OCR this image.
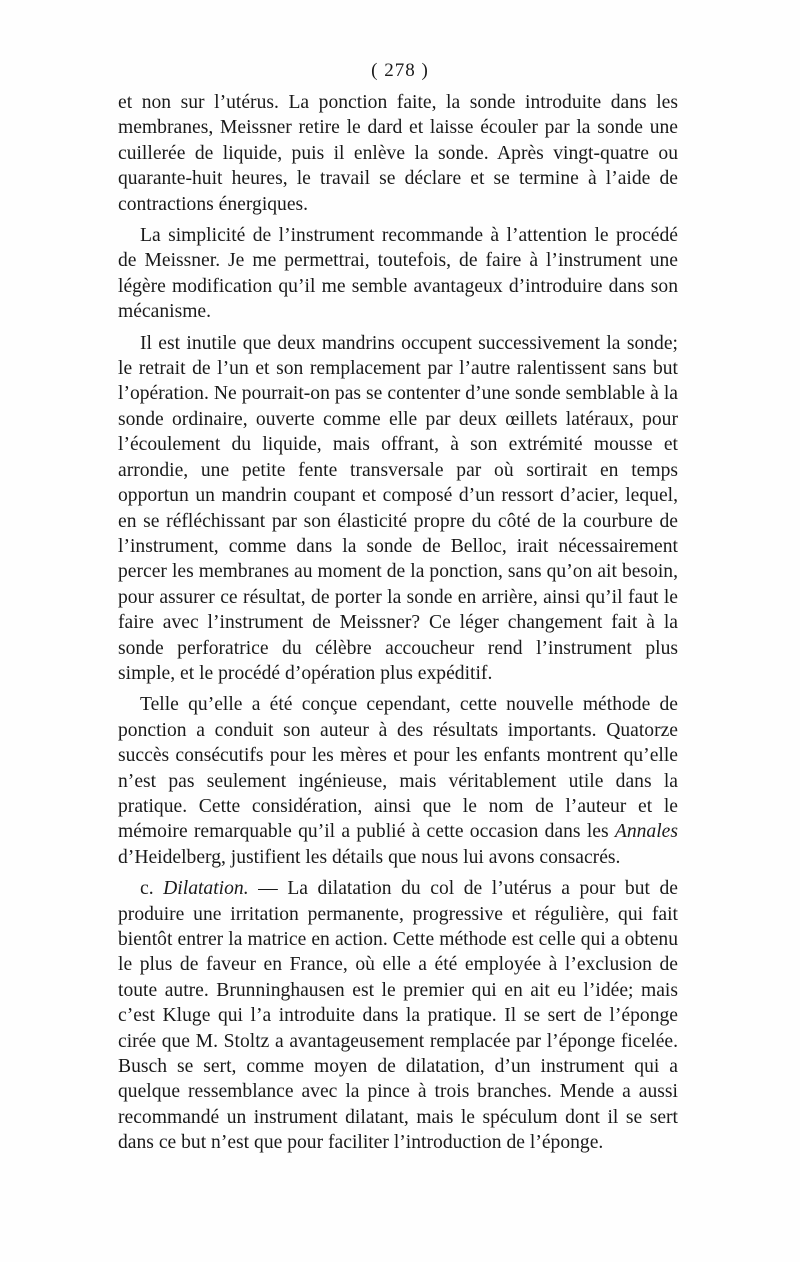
( 278 )

et non sur l’utérus. La ponction faite, la sonde introduite dans les membranes, Meissner retire le dard et laisse écouler par la sonde une cuillerée de liquide, puis il enlève la sonde. Après vingt-quatre ou quarante-huit heures, le travail se déclare et se termine à l’aide de contractions énergiques.

La simplicité de l’instrument recommande à l’attention le procédé de Meissner. Je me permettrai, toutefois, de faire à l’instrument une légère modification qu’il me semble avantageux d’introduire dans son mécanisme.

Il est inutile que deux mandrins occupent successivement la sonde; le retrait de l’un et son remplacement par l’autre ralentissent sans but l’opération. Ne pourrait-on pas se contenter d’une sonde semblable à la sonde ordinaire, ouverte comme elle par deux œillets latéraux, pour l’écoulement du liquide, mais offrant, à son extrémité mousse et arrondie, une petite fente transversale par où sortirait en temps opportun un mandrin coupant et composé d’un ressort d’acier, lequel, en se réfléchissant par son élasticité propre du côté de la courbure de l’instrument, comme dans la sonde de Belloc, irait nécessairement percer les membranes au moment de la ponction, sans qu’on ait besoin, pour assurer ce résultat, de porter la sonde en arrière, ainsi qu’il faut le faire avec l’instrument de Meissner? Ce léger changement fait à la sonde perforatrice du célèbre accoucheur rend l’instrument plus simple, et le procédé d’opération plus expéditif.

Telle qu’elle a été conçue cependant, cette nouvelle méthode de ponction a conduit son auteur à des résultats importants. Quatorze succès consécutifs pour les mères et pour les enfants montrent qu’elle n’est pas seulement ingénieuse, mais véritablement utile dans la pratique. Cette considération, ainsi que le nom de l’auteur et le mémoire remarquable qu’il a publié à cette occasion dans les Annales d’Heidelberg, justifient les détails que nous lui avons consacrés.

c. Dilatation. — La dilatation du col de l’utérus a pour but de produire une irritation permanente, progressive et régulière, qui fait bientôt entrer la matrice en action. Cette méthode est celle qui a obtenu le plus de faveur en France, où elle a été employée à l’exclusion de toute autre. Brunninghausen est le premier qui en ait eu l’idée; mais c’est Kluge qui l’a introduite dans la pratique. Il se sert de l’éponge cirée que M. Stoltz a avantageusement remplacée par l’éponge ficelée. Busch se sert, comme moyen de dilatation, d’un instrument qui a quelque ressemblance avec la pince à trois branches. Mende a aussi recommandé un instrument dilatant, mais le spéculum dont il se sert dans ce but n’est que pour faciliter l’introduction de l’éponge.
